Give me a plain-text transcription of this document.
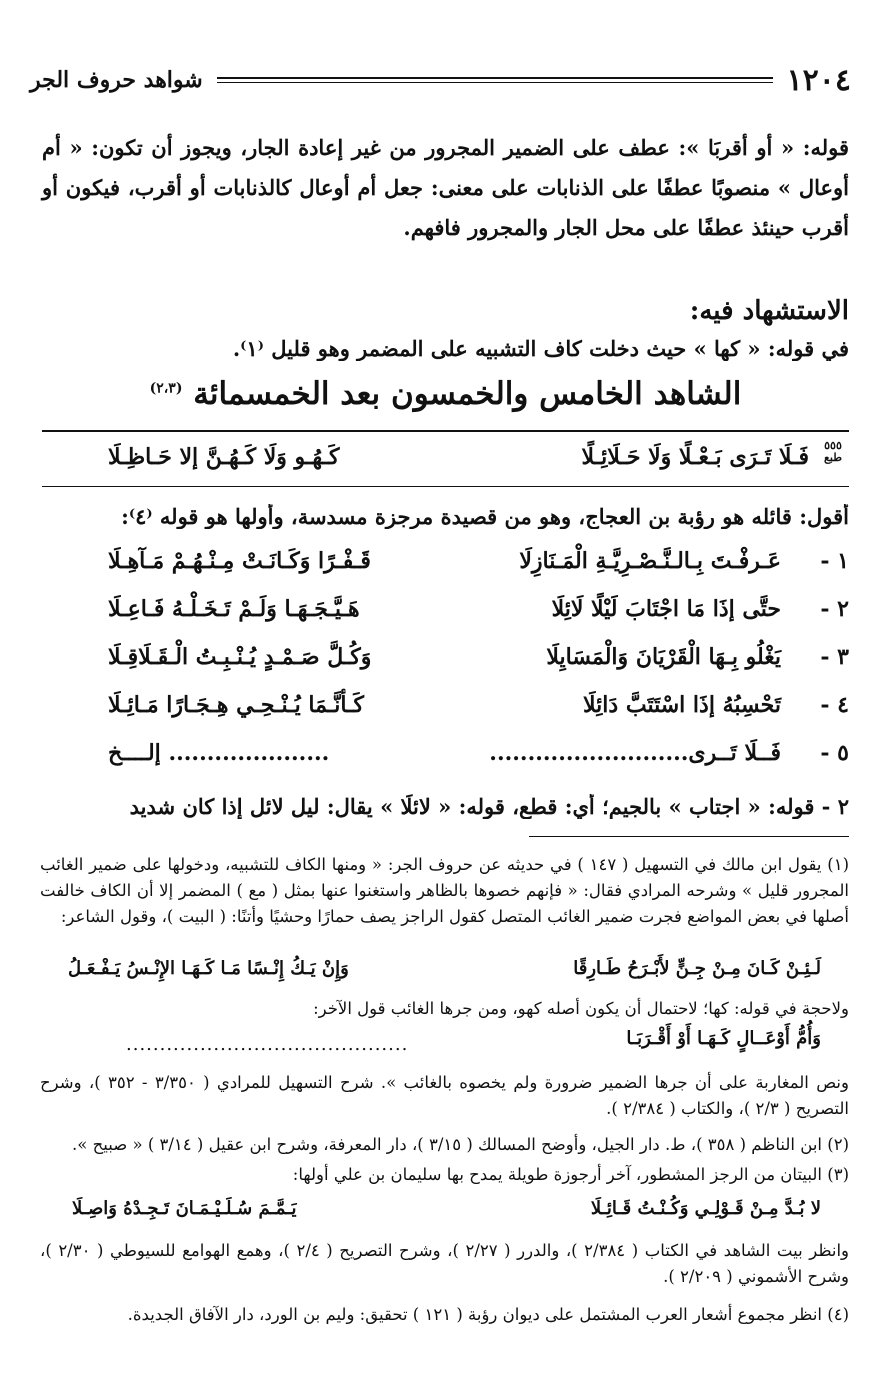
١٢٠٤
شواهد حروف الجر
قوله: « أو أقربَا »: عطف على الضمير المجرور من غير إعادة الجار، ويجوز أن تكون: « أم أوعال » منصوبًا عطفًا على الذنابات على معنى: جعل أم أوعال كالذنابات أو أقرب، فيكون أو أقرب حينئذ عطفًا على محل الجار والمجرور فافهم.
الاستشهاد فيه:
في قوله: « كها » حيث دخلت كاف التشبيه على المضمر وهو قليل ⁽١⁾.
الشاهد الخامس والخمسون بعد الخمسمائة $^{(٢،٣)}$
٥٥٥
طبع
فَـلَا تَـرَى بَـعْـلًا وَلَا حَـلَائِـلًا
كَـهُـو وَلَا كَـهُـنَّ إلا حَـاظِـلَا
أقول: قائله هو رؤبة بن العجاج، وهو من قصيدة مرجزة مسدسة، وأولها هو قوله ⁽٤⁾:
١ -
عَـرفْـتَ بِـالـنَّـصْـرِيَّـةِ الْمَـنَازِلَا
قَـفْـرًا وَكَـانَـتْ مِـنْـهُـمْ مَـآهِـلَا
٢ -
حتَّى إذَا مَا اجْتَابَ لَيْلًا لَائِلَا
هَـيَّـجَـهَـا وَلَـمْ تَـخَـلْـهُ فَـاعِـلَا
٣ -
يَغْلُو بِـهَا الْقَرْيَانَ وَالْمَسَايِلَا
وَكُـلَّ صَـمْـدٍ يُـنْـبِـتُ الْـقَـلَاقِـلَا
٤ -
تَحْسِبُهُ إذَا اسْتَتَبَّ دَائِلَا
كَـأنَّـمَا يُـنْـحِـي هِـجَـارًا مَـائِـلَا
٥ -
فَــلَا تَــرى..........................
..................... إلــــخ
٢ - قوله: « اجتاب » بالجيم؛ أي: قطع، قوله: « لائلَا » يقال: ليل لائل إذا كان شديد
(١) يقول ابن مالك في التسهيل ( ١٤٧ ) في حديثه عن حروف الجر: « ومنها الكاف للتشبيه، ودخولها على ضمير الغائب المجرور قليل » وشرحه المرادي فقال: « فإنهم خصوها بالظاهر واستغنوا عنها بمثل ( مع ) المضمر إلا أن الكاف خالفت أصلها في بعض المواضع فجرت ضمير الغائب المتصل كقول الراجز يصف حمارًا وحشيًا وأتنًا: ( البيت )، وقول الشاعر:
لَـئِـنْ كَـانَ مِـنْ جِـنٍّ لأَبْـرَحُ طَـارِقًا
وَإِنْ يَـكُ إِنْـسًا مَـا كَـهَـا الإِنْـسُ يَـفْـعَـلُ
ولاحجة في قوله: كها؛ لاحتمال أن يكون أصله كهو، ومن جرها الغائب قول الآخر:
وَأُمُّ أَوْعَــالٍ كَـهَـا أَوْ أَقْـرَبَـا
..........................................
ونص المغاربة على أن جرها الضمير ضرورة ولم يخصوه بالغائب ». شرح التسهيل للمرادي ( ٣/٣٥٠ - ٣٥٢ )، وشرح التصريح ( ٢/٣ )، والكتاب ( ٢/٣٨٤ ).
(٢) ابن الناظم ( ٣٥٨ )، ط. دار الجيل، وأوضح المسالك ( ٣/١٥ )، دار المعرفة، وشرح ابن عقيل ( ٣/١٤ ) « صبيح ».
(٣) البيتان من الرجز المشطور، آخر أرجوزة طويلة يمدح بها سليمان بن علي أولها:
لا بُـدَّ مِـنْ قَـوْلِـي وَكُـنْـتُ قَـائِـلَا
يَـمَّـمَ سُـلَـيْـمَـانَ تَـجِـدْهُ وَاصِـلَا
وانظر بيت الشاهد في الكتاب ( ٢/٣٨٤ )، والدرر ( ٢/٢٧ )، وشرح التصريح ( ٢/٤ )، وهمع الهوامع للسيوطي ( ٢/٣٠ )، وشرح الأشموني ( ٢/٢٠٩ ).
(٤) انظر مجموع أشعار العرب المشتمل على ديوان رؤبة ( ١٢١ ) تحقيق: وليم بن الورد، دار الآفاق الجديدة.
